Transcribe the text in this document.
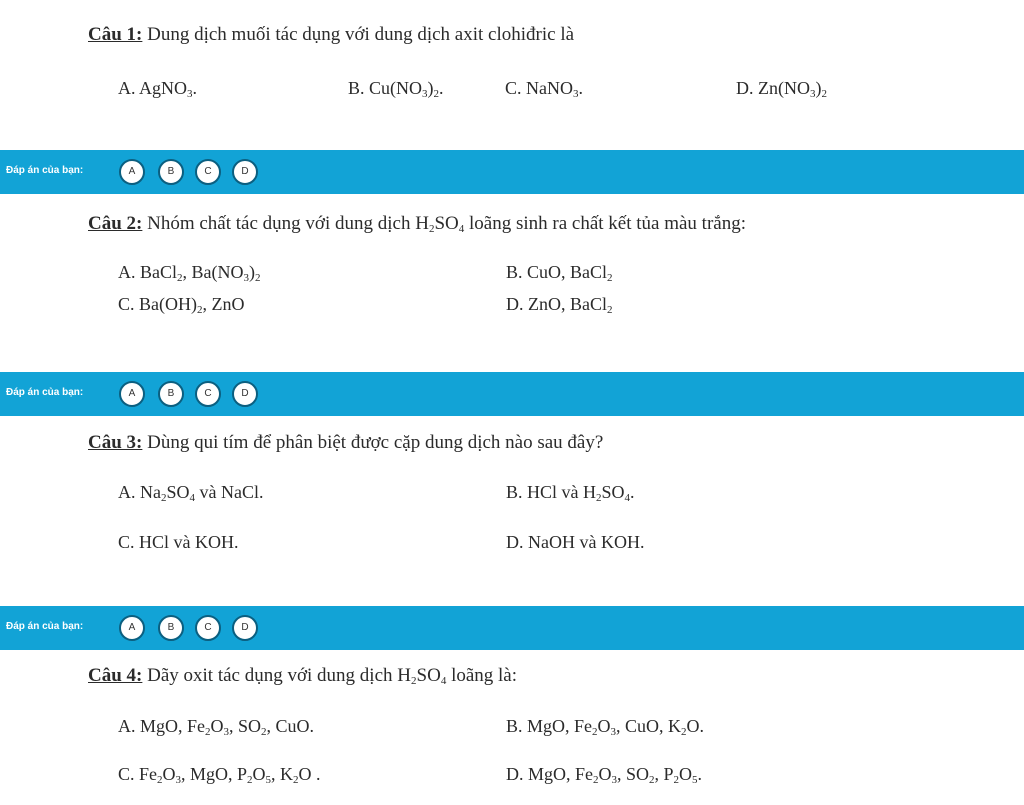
Câu 1: Dung dịch muối tác dụng với dung dịch axit clohiđric là
A. AgNO$_3$.	B. $Cu(NO_3)_2$.	C. NaNO$_3$.	D. $Zn(NO_3)_2$
Đáp án của bạn:	A	B	C	D
Câu 2: Nhóm chất tác dụng với dung dịch $H_2SO_4$ loãng sinh ra chất kết tủa màu trắng:
A. BaCl$_2$, $Ba(NO_3)_2$	B. CuO, BaCl$_2$
C. $Ba(OH)_2$, ZnO	D. ZnO, BaCl$_2$
Đáp án của bạn:	A	B	C	D
Câu 3: Dùng qui tím để phân biệt được cặp dung dịch nào sau đây?
A. $Na_2SO_4$ và NaCl.	B. HCl và $H_2SO_4$.
C. HCl và KOH.	D. NaOH và KOH.
Đáp án của bạn:	A	B	C	D
Câu 4: Dãy oxit tác dụng với dung dịch $H_2SO_4$ loãng là:
A. MgO, $Fe_2O_3$, $SO_2$, CuO.	B. MgO, $Fe_2O_3$, CuO, $K_2O$.
C. $Fe_2O_3$, MgO, $P_2O_5$, $K_2O$ .	D. MgO, $Fe_2O_3$, $SO_2$, $P_2O_5$.
